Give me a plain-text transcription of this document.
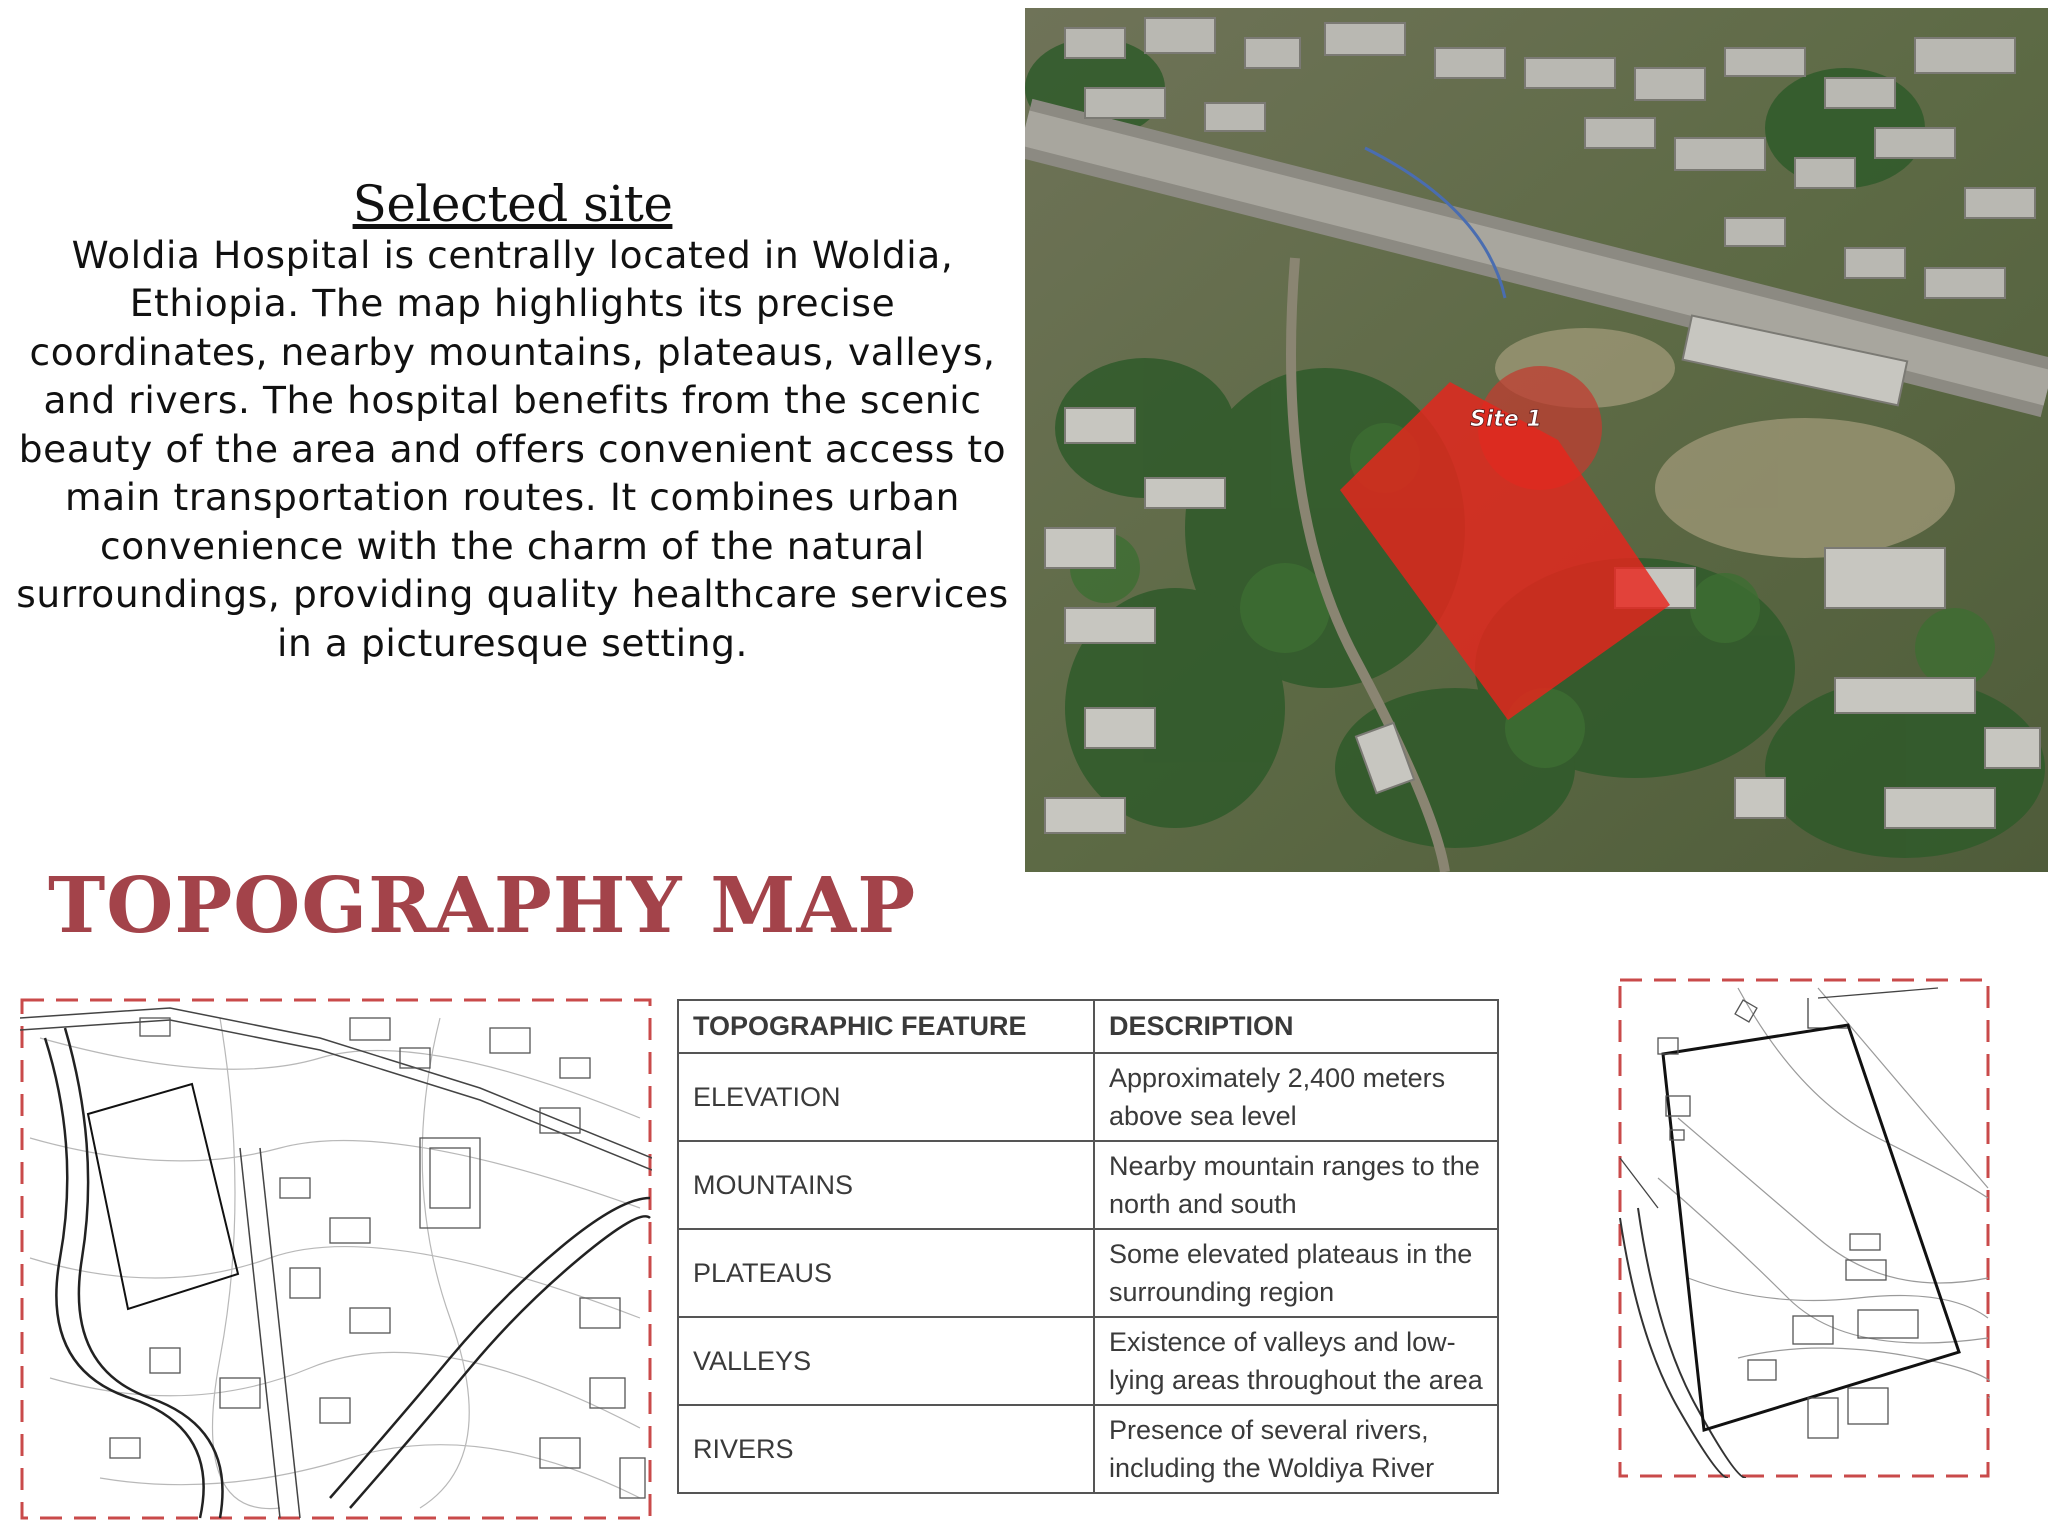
Selected site

Woldia Hospital is centrally located in Woldia, Ethiopia. The map highlights its precise coordinates, nearby mountains, plateaus, valleys, and rivers. The hospital benefits from the scenic beauty of the area and offers convenient access to main transportation routes. It combines urban convenience with the charm of the natural surroundings, providing quality healthcare services in a picturesque setting.

Site 1
TOPOGRAPHY MAP
TOPOGRAPHIC FEATURE	DESCRIPTION
ELEVATION	Approximately 2,400 meters above sea level
MOUNTAINS	Nearby mountain ranges to the north and south
PLATEAUS	Some elevated plateaus in the surrounding region
VALLEYS	Existence of valleys and low-lying areas throughout the area
RIVERS	Presence of several rivers, including the Woldiya River
